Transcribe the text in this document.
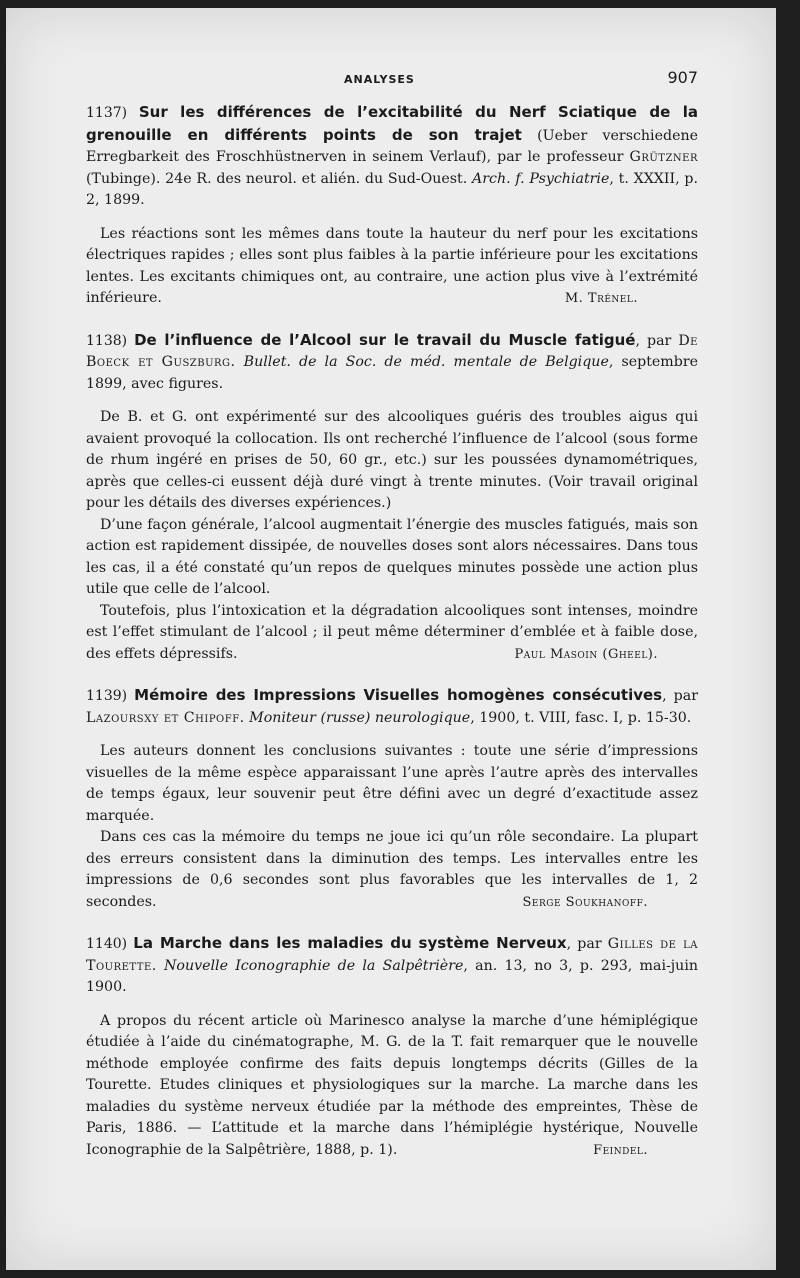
ANALYSES	907
1137) Sur les différences de l’excitabilité du Nerf Sciatique de la grenouille en différents points de son trajet (Ueber verschiedene Erregbarkeit des Froschhüstnerven in seinem Verlauf), par le professeur Grützner (Tubinge). 24e R. des neurol. et alién. du Sud-Ouest. Arch. f. Psychiatrie, t. XXXII, p. 2, 1899.

Les réactions sont les mêmes dans toute la hauteur du nerf pour les excitations électriques rapides ; elles sont plus faibles à la partie inférieure pour les excitations lentes. Les excitants chimiques ont, au contraire, une action plus vive à l’extrémité inférieure.	M. Trénel.

1138) De l’influence de l’Alcool sur le travail du Muscle fatigué, par De Boeck et Guszburg. Bullet. de la Soc. de méd. mentale de Belgique, septembre 1899, avec figures.

De B. et G. ont expérimenté sur des alcooliques guéris des troubles aigus qui avaient provoqué la collocation. Ils ont recherché l’influence de l’alcool (sous forme de rhum ingéré en prises de 50, 60 gr., etc.) sur les poussées dynamométriques, après que celles-ci eussent déjà duré vingt à trente minutes. (Voir travail original pour les détails des diverses expériences.)

D’une façon générale, l’alcool augmentait l’énergie des muscles fatigués, mais son action est rapidement dissipée, de nouvelles doses sont alors nécessaires. Dans tous les cas, il a été constaté qu’un repos de quelques minutes possède une action plus utile que celle de l’alcool.

Toutefois, plus l’intoxication et la dégradation alcooliques sont intenses, moindre est l’effet stimulant de l’alcool ; il peut même déterminer d’emblée et à faible dose, des effets dépressifs.	Paul Masoin (Gheel).

1139) Mémoire des Impressions Visuelles homogènes consécutives, par Lazoursxy et Chipoff. Moniteur (russe) neurologique, 1900, t. VIII, fasc. I, p. 15-30.

Les auteurs donnent les conclusions suivantes : toute une série d’impressions visuelles de la même espèce apparaissant l’une après l’autre après des intervalles de temps égaux, leur souvenir peut être défini avec un degré d’exactitude assez marquée.

Dans ces cas la mémoire du temps ne joue ici qu’un rôle secondaire. La plupart des erreurs consistent dans la diminution des temps. Les intervalles entre les impressions de 0,6 secondes sont plus favorables que les intervalles de 1, 2 secondes.	Serge Soukhanoff.

1140) La Marche dans les maladies du système Nerveux, par Gilles de la Tourette. Nouvelle Iconographie de la Salpêtrière, an. 13, no 3, p. 293, mai-juin 1900.

A propos du récent article où Marinesco analyse la marche d’une hémiplégique étudiée à l’aide du cinématographe, M. G. de la T. fait remarquer que le nouvelle méthode employée confirme des faits depuis longtemps décrits (Gilles de la Tourette. Etudes cliniques et physiologiques sur la marche. La marche dans les maladies du système nerveux étudiée par la méthode des empreintes, Thèse de Paris, 1886. — L’attitude et la marche dans l’hémiplégie hystérique, Nouvelle Iconographie de la Salpêtrière, 1888, p. 1).	Feindel.
